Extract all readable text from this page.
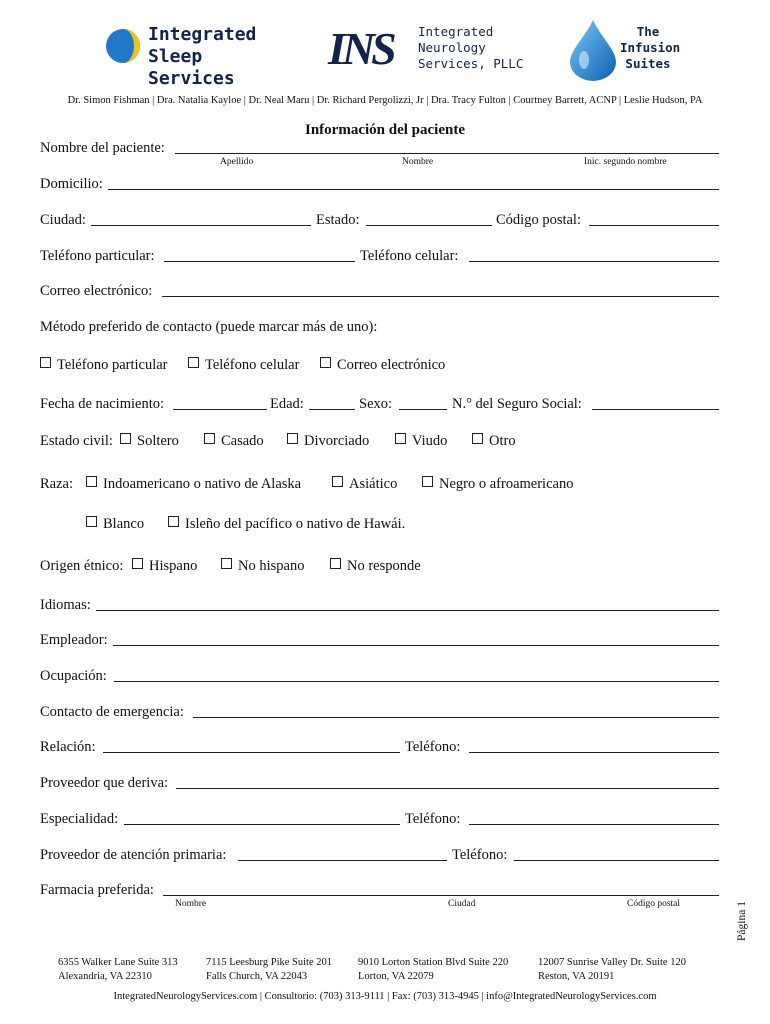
Integrated
Sleep Services
INS Integrated
Neurology
Services, PLLC
The
Infusion
Suites
Dr. Simon Fishman | Dra. Natalia Kayloe | Dr. Neal Maru | Dr. Richard Pergolizzi, Jr | Dra. Tracy Fulton | Courtney Barrett, ACNP | Leslie Hudson, PA
Información del paciente
Nombre del paciente:
Apellido	Nombre	Inic. segundo nombre
Domicilio:
Ciudad:	Estado:	Código postal:
Teléfono particular:	Teléfono celular:
Correo electrónico:
Método preferido de contacto (puede marcar más de uno):
Teléfono particular	Teléfono celular	Correo electrónico
Fecha de nacimiento:	Edad:	Sexo:	N.° del Seguro Social:
Estado civil:	Soltero	Casado	Divorciado	Viudo	Otro
Raza:	Indoamericano o nativo de Alaska	Asiático	Negro o afroamericano
Blanco	Isleño del pacífico o nativo de Hawái.
Origen étnico:	Hispano	No hispano	No responde
Idiomas:
Empleador:
Ocupación:
Contacto de emergencia:
Relación:	Teléfono:
Proveedor que deriva:
Especialidad:	Teléfono:
Proveedor de atención primaria:	Teléfono:
Farmacia preferida:
Nombre	Ciudad	Código postal	Página 1
6355 Walker Lane Suite 313
Alexandria, VA 22310
7115 Leesburg Pike Suite 201
Falls Church, VA 22043
9010 Lorton Station Blvd Suite 220
Lorton, VA 22079
12007 Sunrise Valley Dr. Suite 120
Reston, VA 20191
IntegratedNeurologyServices.com | Consultorio: (703) 313-9111 | Fax: (703) 313-4945 | info@IntegratedNeurologyServices.com
